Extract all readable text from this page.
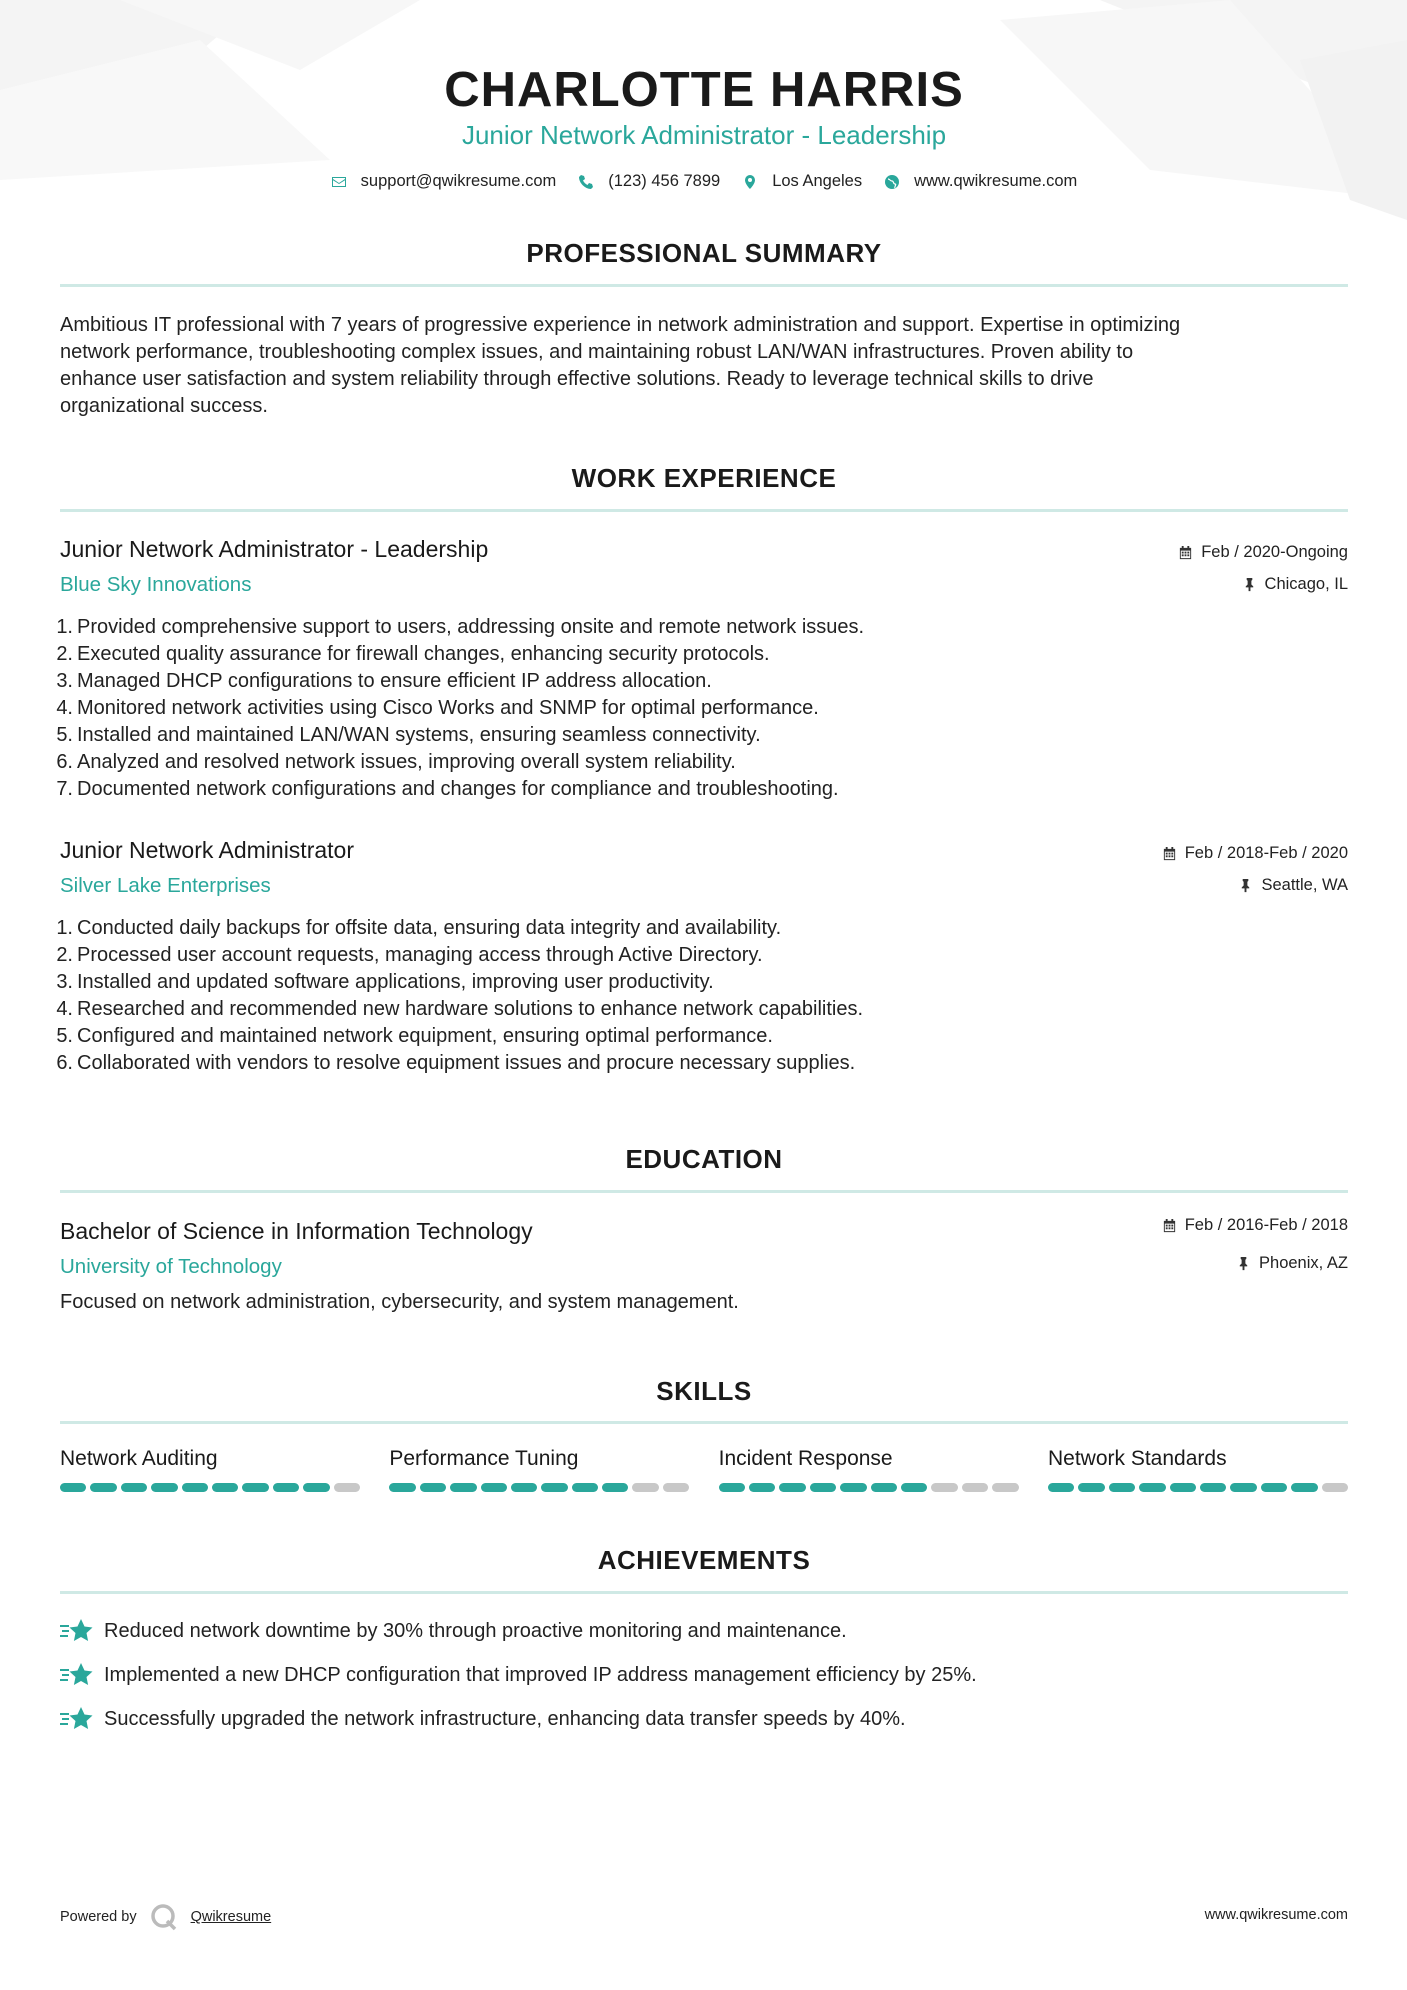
CHARLOTTE HARRIS
Junior Network Administrator - Leadership
support@qwikresume.com	(123) 456 7899	Los Angeles	www.qwikresume.com
PROFESSIONAL SUMMARY
Ambitious IT professional with 7 years of progressive experience in network administration and support. Expertise in optimizing
network performance, troubleshooting complex issues, and maintaining robust LAN/WAN infrastructures. Proven ability to
enhance user satisfaction and system reliability through effective solutions. Ready to leverage technical skills to drive
organizational success.
WORK EXPERIENCE
Junior Network Administrator - Leadership
Blue Sky Innovations
Feb / 2020-Ongoing
Chicago, IL
1. Provided comprehensive support to users, addressing onsite and remote network issues.
2. Executed quality assurance for firewall changes, enhancing security protocols.
3. Managed DHCP configurations to ensure efficient IP address allocation.
4. Monitored network activities using Cisco Works and SNMP for optimal performance.
5. Installed and maintained LAN/WAN systems, ensuring seamless connectivity.
6. Analyzed and resolved network issues, improving overall system reliability.
7. Documented network configurations and changes for compliance and troubleshooting.
Junior Network Administrator
Silver Lake Enterprises
Feb / 2018-Feb / 2020
Seattle, WA
1. Conducted daily backups for offsite data, ensuring data integrity and availability.
2. Processed user account requests, managing access through Active Directory.
3. Installed and updated software applications, improving user productivity.
4. Researched and recommended new hardware solutions to enhance network capabilities.
5. Configured and maintained network equipment, ensuring optimal performance.
6. Collaborated with vendors to resolve equipment issues and procure necessary supplies.
EDUCATION
Bachelor of Science in Information Technology
University of Technology
Feb / 2016-Feb / 2018
Phoenix, AZ
Focused on network administration, cybersecurity, and system management.
SKILLS
Network Auditing	Performance Tuning	Incident Response	Network Standards
ACHIEVEMENTS
Reduced network downtime by 30% through proactive monitoring and maintenance.
Implemented a new DHCP configuration that improved IP address management efficiency by 25%.
Successfully upgraded the network infrastructure, enhancing data transfer speeds by 40%.
Powered by	Qwikresume	www.qwikresume.com
